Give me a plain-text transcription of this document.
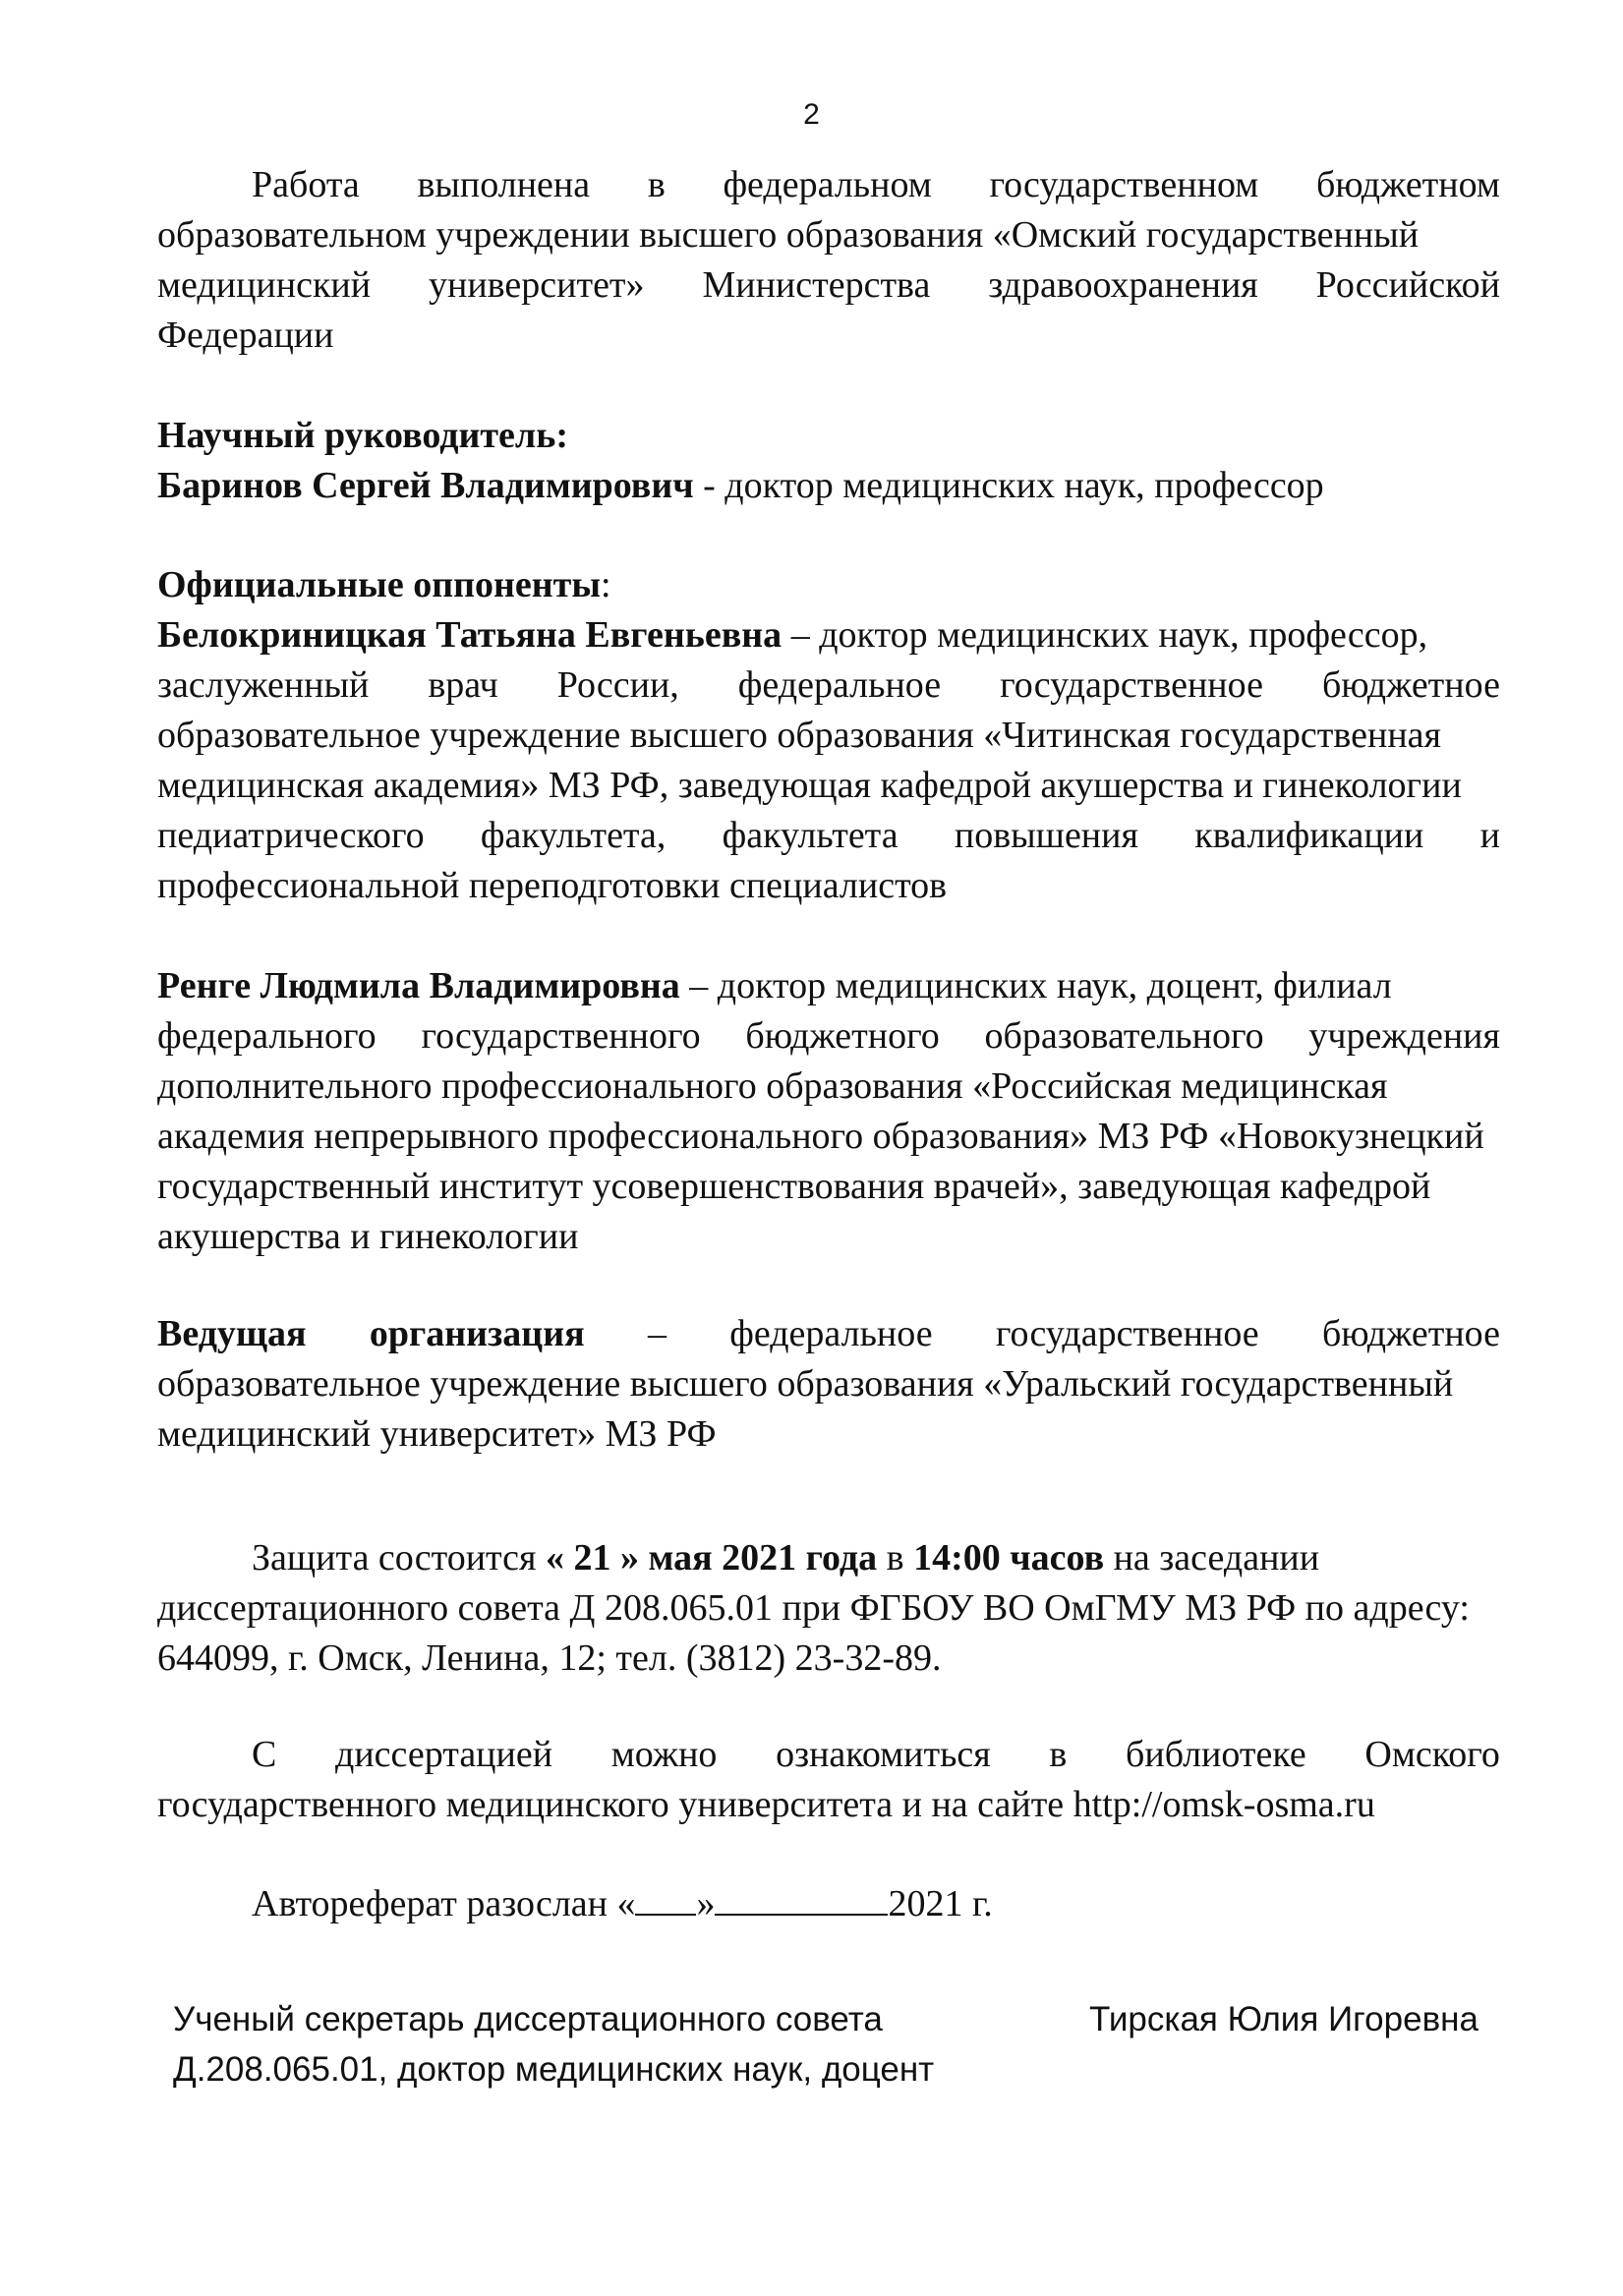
2
Работа выполнена в федеральном государственном бюджетном
образовательном учреждении высшего образования «Омский государственный
медицинский университет» Министерства здравоохранения Российской
Федерации
Научный руководитель:
Баринов Сергей Владимирович - доктор медицинских наук, профессор
Официальные оппоненты:
Белокриницкая Татьяна Евгеньевна – доктор медицинских наук, профессор,
заслуженный врач России, федеральное государственное бюджетное
образовательное учреждение высшего образования «Читинская государственная
медицинская академия» МЗ РФ, заведующая кафедрой акушерства и гинекологии
педиатрического факультета, факультета повышения квалификации и
профессиональной переподготовки специалистов
Ренге Людмила Владимировна – доктор медицинских наук, доцент, филиал
федерального государственного бюджетного образовательного учреждения
дополнительного профессионального образования «Российская медицинская
академия непрерывного профессионального образования» МЗ РФ «Новокузнецкий
государственный институт усовершенствования врачей», заведующая кафедрой
акушерства и гинекологии
Ведущая организация – федеральное государственное бюджетное
образовательное учреждение высшего образования «Уральский государственный
медицинский университет» МЗ РФ
Защита состоится « 21 » мая 2021 года в 14:00 часов на заседании
диссертационного совета Д 208.065.01 при ФГБОУ ВО ОмГМУ МЗ РФ по адресу:
644099, г. Омск, Ленина, 12; тел. (3812) 23-32-89.
С диссертацией можно ознакомиться в библиотеке Омского
государственного медицинского университета и на сайте http://omsk-osma.ru
Автореферат разослан « »	2021 г.
Ученый секретарь диссертационного совета
Д.208.065.01, доктор медицинских наук, доцент
Тирская Юлия Игоревна
